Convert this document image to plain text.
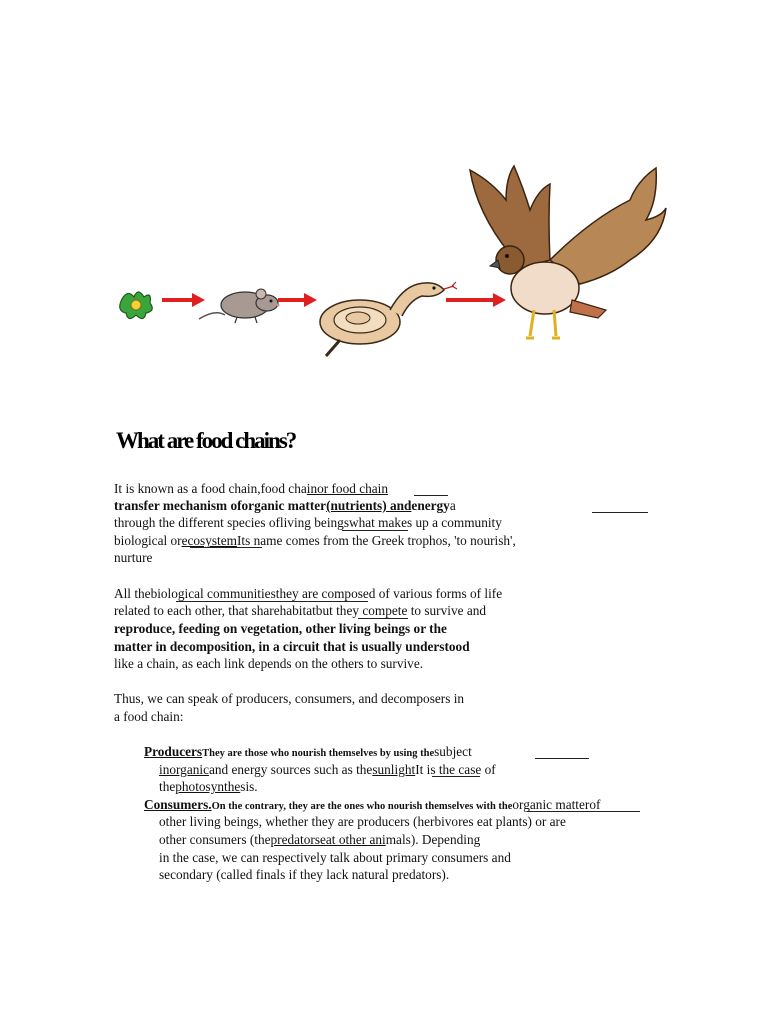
What are food chains?
It is known as a food chain,food chainor food chain
transfer mechanism oforganic matter(nutrients) andenergya
through the different species ofliving beingswhat makes up a community
biological orecosystemIts name comes from the Greek trophos, 'to nourish',
nurture
All thebiological communitiesthey are composed of various forms of life
related to each other, that sharehabitatbut they compete to survive and
reproduce, feeding on vegetation, other living beings or the
matter in decomposition, in a circuit that is usually understood
like a chain, as each link depends on the others to survive.
Thus, we can speak of producers, consumers, and decomposers in
a food chain:
ProducersThey are those who nourish themselves by using thesubject
inorganicand energy sources such as thesunlightIt is the case of
thephotosynthesis.
Consumers.On the contrary, they are the ones who nourish themselves with theorganic matterof
other living beings, whether they are producers (herbivores eat plants) or are
other consumers (thepredatorseat other animals). Depending
in the case, we can respectively talk about primary consumers and
secondary (called finals if they lack natural predators).
